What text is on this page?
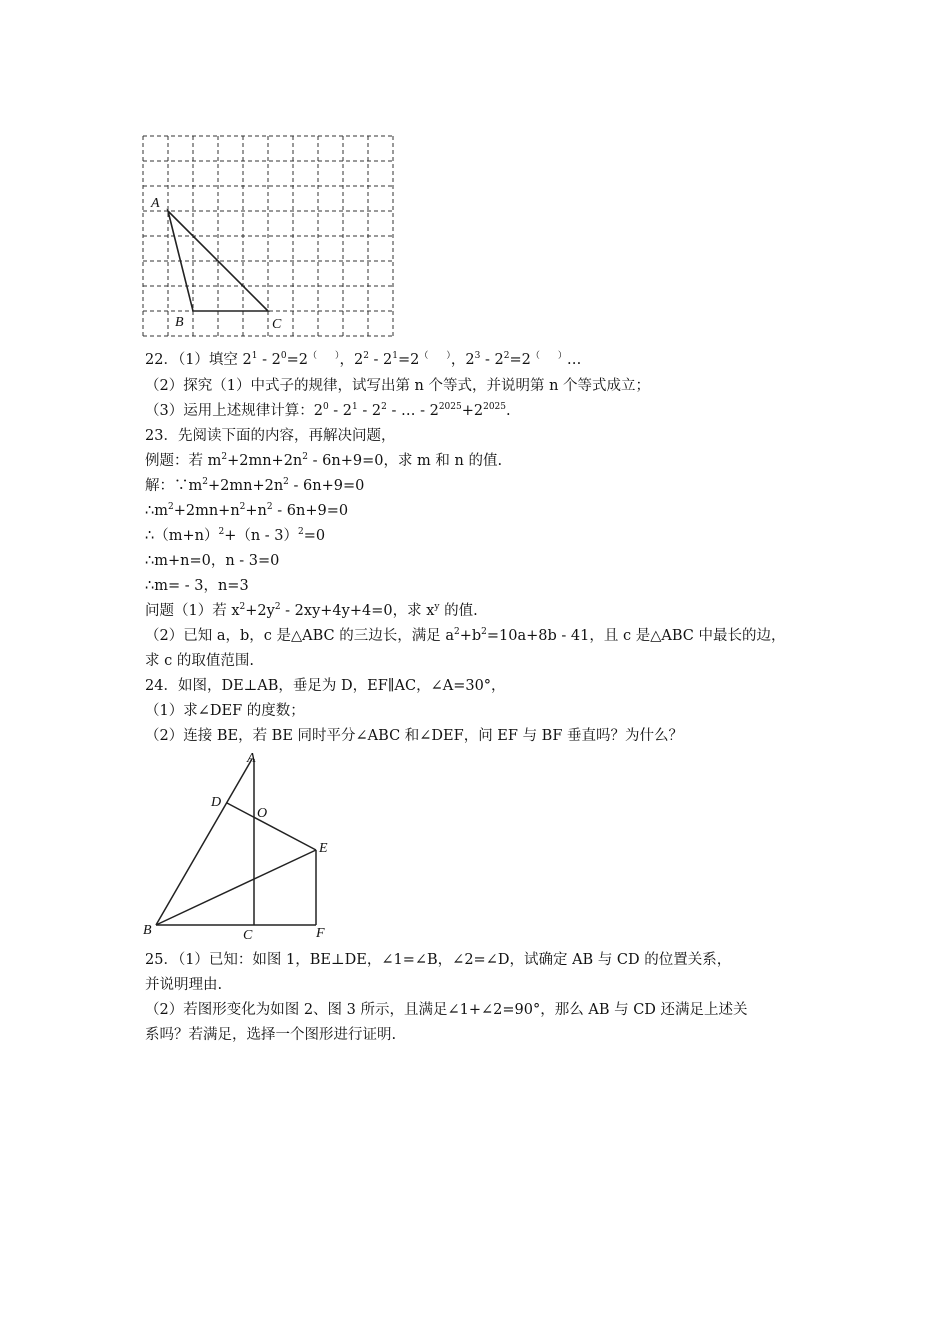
A
B	C
22．（1）填空 $2^1 - 2^0=2^{( )}$，$2^2 - 2^1=2^{( )}$，$2^3$ - $2^2=2^{( )}\dots$
（2）探究（1）中式子的规律，试写出第 n 个等式，并说明第 n 个等式成立；
（3）运用上述规律计算：$2^0 - 2^1 - 2^2$ - … - $2^{2025}+2^{2025}$.
23．先阅读下面的内容，再解决问题，
例题：若 $m^2+2mn+2n^2 - 6n+9=0$，求 m 和 n 的值.
解：$\because m^2+2mn+2n^2 - 6n+9=0$
$\therefore m^2+2mn+n^2+n^2 - 6n+9=0$
$\therefore(m+n)^2+(n - 3)^2=0$
∴m+n=0，n - 3=0
∴m= - 3，n=3
问题（1）若 $x^2+2y^2 - 2xy+4y+4=0$，求 $x^y$ 的值.
（2）已知 a，b，c 是△ABC 的三边长，满足 $a^2+b^2=10a+8b - 41$，且 c 是△ABC 中最长的边，
求 c 的取值范围.
24．如图，DE⊥AB，垂足为 D，EF∥AC，∠A=30°，
（1）求∠DEF 的度数；
（2）连接 BE，若 BE 同时平分∠ABC 和∠DEF，问 EF 与 BF 垂直吗？为什么？
A
D
O
E
B	C	F
25．（1）已知：如图 1，BE⊥DE，∠1=∠B，∠2=∠D，试确定 AB 与 CD 的位置关系，
并说明理由.
（2）若图形变化为如图 2、图 3 所示，且满足∠1+∠2=90°，那么 AB 与 CD 还满足上述关
系吗？若满足，选择一个图形进行证明.
